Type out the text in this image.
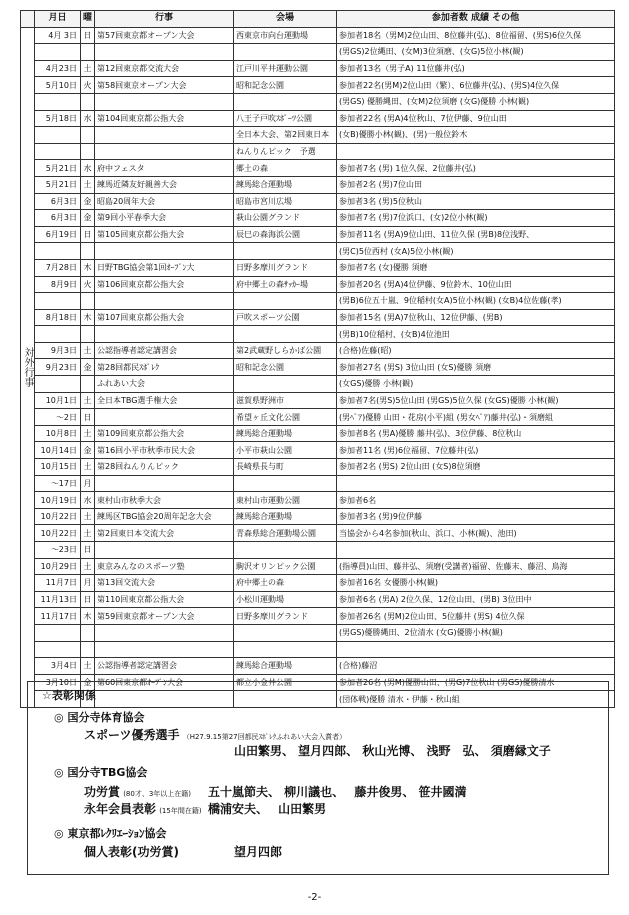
	月日	曜	行事	会場	参加者数 成績 その他
対外行事	4月 3日	日	第57回東京都オープン大会	西東京市向台運動場	参加者18名（男M)2位山田、8位藤井(弘)、8位福留、(男S)6位久保
					(男GS)2位縄田、(女M)3位須磨、(女G)5位小林(観)
	4月23日	土	第12回東京都交流大会	江戸川平井運動公園	参加者13名（男子A) 11位藤井(弘)
	5月10日	火	第58回東京オープン大会	昭和記念公園	参加者22名(男M)2位山田（繁）、6位藤井(弘)、(男S)4位久保
					(男GS) 優勝縄田、(女M)2位須磨 (女G)優勝 小林(観)
	5月18日	水	第104回東京都公指大会	八王子戸吹ｽﾎﾟｰﾂ公園	参加者22名 (男A)4位秋山、7位伊藤、9位山田
				全日本大会、第2回東日本	(女B)優勝小林(観)、(男)一般位鈴木
				ねんりんピック　予選	
	5月21日	水	府中フェスタ	郷土の森	参加者7名 (男) 1位久保、2位藤井(弘)
	5月21日	土	練馬近隣友好親善大会	練馬総合運動場	参加者2名 (男)7位山田
	6月3日	金	昭島20周年大会	昭島市宮川広場	参加者3名 (男)5位秋山
	6月3日	金	第9回小平春季大会	萩山公園グランド	参加者7名 (男)7位浜口、(女)2位小林(観)
	6月19日	日	第105回東京都公指大会	辰巳の森海浜公園	参加者11名 (男A)9位山田、11位久保 (男B)8位浅野、
					(男C)5位西村 (女A)5位小林(観)
	7月28日	木	日野TBG協会第1回ｵｰﾌﾟﾝ大	日野多摩川グランド	参加者7名 (女)優勝 須磨
	8月9日	火	第106回東京都公指大会	府中郷土の森ｻｯｶｰ場	参加者20名 (男A)4位伊藤、9位鈴木、10位山田
					(男B)6位五十嵐、9位稲村(女A)5位小林(観) (女B)4位佐藤(孝)
	8月18日	木	第107回東京都公指大会	戸吹スポーツ公園	参加者15名 (男A)7位秋山、12位伊藤、(男B)
					(男B)10位稲村、(女B)4位池田
	9月3日	土	公認指導者認定講習会	第2武蔵野しらかば公園	(合格)佐藤(昭)
	9月23日	金	第28回都民ｽﾎﾟﾚｸ	昭和記念公園	参加者27名 (男S) 3位山田 (女S)優勝 須磨
			ふれあい大会		(女GS)優勝 小林(観)
	10月1日	土	全日本TBG選手権大会	滋賀県野洲市	参加者7名(男S)5位山田 (男GS)5位久保 (女GS)優勝 小林(観)
	～2日	日		希望ヶ丘文化公園	(男ﾍﾟｱ)優勝 山田・花房(小平)組 (男女ﾍﾟｱ)藤井(弘)・須磨組
	10月8日	土	第109回東京都公指大会	練馬総合運動場	参加者8名 (男A)優勝 藤井(弘)、3位伊藤、8位秋山
	10月14日	金	第16回小平市秋季市民大会	小平市萩山公園	参加者11名 (男)6位福留、7位藤井(弘)
	10月15日	土	第28回ねんりんピック	長崎県長与町	参加者2名 (男S) 2位山田 (女S)8位須磨
	～17日	月			
	10月19日	水	東村山市秋季大会	東村山市運動公園	参加者6名
	10月22日	土	練馬区TBG協会20周年記念大会	練馬総合運動場	参加者3名 (男)9位伊藤
	10月22日	土	第2回東日本交流大会	青森県総合運動場公園	当協会から4名参加(秋山、浜口、小林(観)、池田)
	～23日	日			
	10月29日	土	東京みんなのスポーツ塾	駒沢オリンピック公園	(指導員)山田、藤井弘、須磨(受講者)福留、佐藤末、藤沼、鳥海
	11月7日	月	第13回交流大会	府中郷土の森	参加者16名 女優勝小林(観)
	11月13日	日	第110回東京都公指大会	小松川運動場	参加者6名 (男A) 2位久保、12位山田、(男B) 3位田中
	11月17日	木	第59回東京都オープン大会	日野多摩川グランド	参加者26名 (男M)2位山田、5位藤井 (男S) 4位久保
					(男GS)優勝縄田、2位清水 (女G)優勝小林(観)

	3月4日	土	公認指導者認定講習会	練馬総合運動場	(合格)藤沼
	3月10日	金	第60回東京都ｵｰﾌﾟﾝ大会	都立小金井公園	参加者26名 (男M)優勝山田、(男G)7位秋山 (男GS)優勝清水
					(団体戦)優勝 清水・伊藤・秋山組
☆表彰関係
◎ 国分寺体育協会
スポーツ優秀選手 （H27.9.15第27回都民ｽﾎﾟﾚｸふれあい大会入賞者）
山田繁男、 望月四郎、 秋山光博、 浅野　弘、 須磨縁文子
◎ 国分寺TBG協会
功労賞 (80才、3年以上在籍) 五十嵐節夫、 柳川議也、　 藤井俊男、 笹井國満
永年会員表彰 (15年間在籍) 橋浦安夫、　 山田繁男
◎ 東京都ﾚｸﾘｴｰｼｮﾝ協会
個人表彰(功労賞)	望月四郎
-2-
